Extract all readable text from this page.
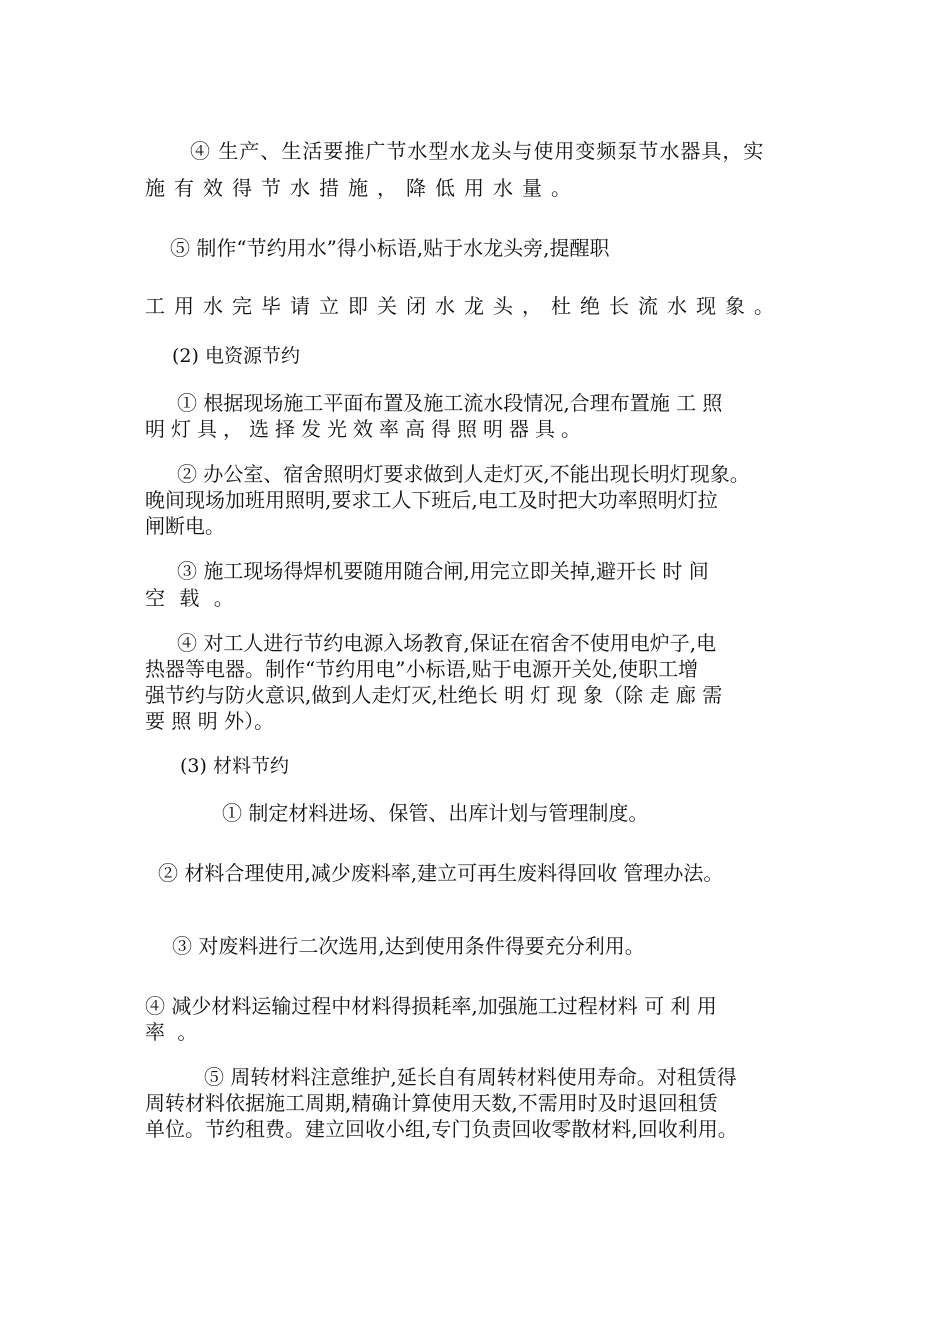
④ 生产、生活要推广节水型水龙头与使用变频泵节水器具，实

施有效得节水措施，降低用水量。

⑤ 制作“节约用水”得小标语,贴于水龙头旁,提醒职

工用水完毕请立即关闭水龙头，杜绝长流水现象。

(2) 电资源节约

① 根据现场施工平面布置及施工流水段情况,合理布置施 工 照

明灯具，选择发光效率高得照明器具。

② 办公室、宿舍照明灯要求做到人走灯灭,不能出现长明灯现象。

晚间现场加班用照明,要求工人下班后,电工及时把大功率照明灯拉

闸断电。

③ 施工现场得焊机要随用随合闸,用完立即关掉,避开长 时 间

空 载 。

④ 对工人进行节约电源入场教育,保证在宿舍不使用电炉子,电

热器等电器。制作“节约用电”小标语,贴于电源开关处,使职工增

强节约与防火意识,做到人走灯灭,杜绝长 明 灯 现 象（除 走 廊 需

要 照 明 外）。

(3) 材料节约

① 制定材料进场、保管、出库计划与管理制度。

② 材料合理使用,减少废料率,建立可再生废料得回收 管理办法。

③ 对废料进行二次选用,达到使用条件得要充分利用。

④ 减少材料运输过程中材料得损耗率,加强施工过程材料 可 利 用

率 。

⑤ 周转材料注意维护,延长自有周转材料使用寿命。对租赁得

周转材料依据施工周期,精确计算使用天数,不需用时及时退回租赁

单位。节约租费。建立回收小组,专门负责回收零散材料,回收利用。
